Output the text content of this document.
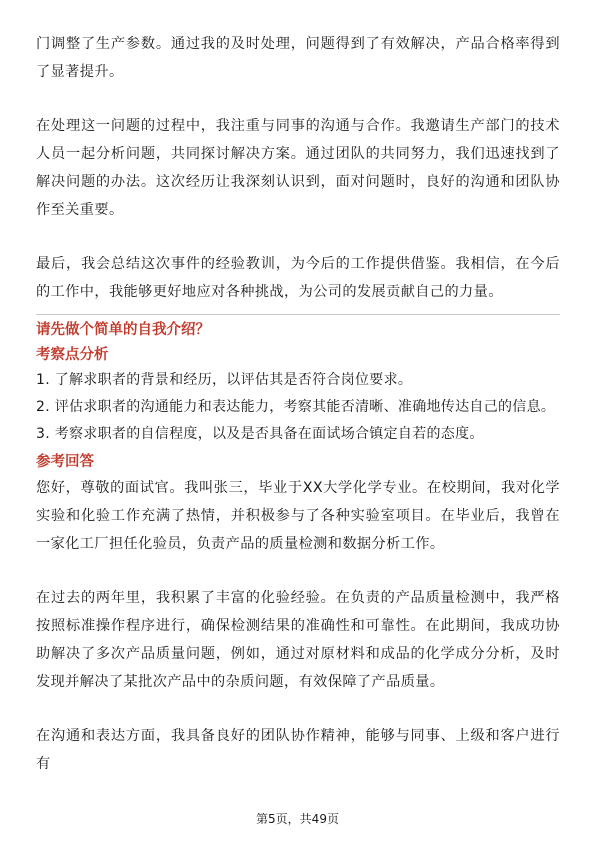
门调整了生产参数。通过我的及时处理，问题得到了有效解决，产品合格率得到了显著提升。

在处理这一问题的过程中，我注重与同事的沟通与合作。我邀请生产部门的技术人员一起分析问题，共同探讨解决方案。通过团队的共同努力，我们迅速找到了解决问题的办法。这次经历让我深刻认识到，面对问题时，良好的沟通和团队协作至关重要。

最后，我会总结这次事件的经验教训，为今后的工作提供借鉴。我相信，在今后的工作中，我能够更好地应对各种挑战，为公司的发展贡献自己的力量。

请先做个简单的自我介绍？

考察点分析

1. 了解求职者的背景和经历，以评估其是否符合岗位要求。

2. 评估求职者的沟通能力和表达能力，考察其能否清晰、准确地传达自己的信息。

3. 考察求职者的自信程度，以及是否具备在面试场合镇定自若的态度。

参考回答

您好，尊敬的面试官。我叫张三，毕业于XX大学化学专业。在校期间，我对化学实验和化验工作充满了热情，并积极参与了各种实验室项目。在毕业后，我曾在一家化工厂担任化验员，负责产品的质量检测和数据分析工作。

在过去的两年里，我积累了丰富的化验经验。在负责的产品质量检测中，我严格按照标准操作程序进行，确保检测结果的准确性和可靠性。在此期间，我成功协助解决了多次产品质量问题，例如，通过对原材料和成品的化学成分分析，及时发现并解决了某批次产品中的杂质问题，有效保障了产品质量。

在沟通和表达方面，我具备良好的团队协作精神，能够与同事、上级和客户进行有

第5页，共49页
